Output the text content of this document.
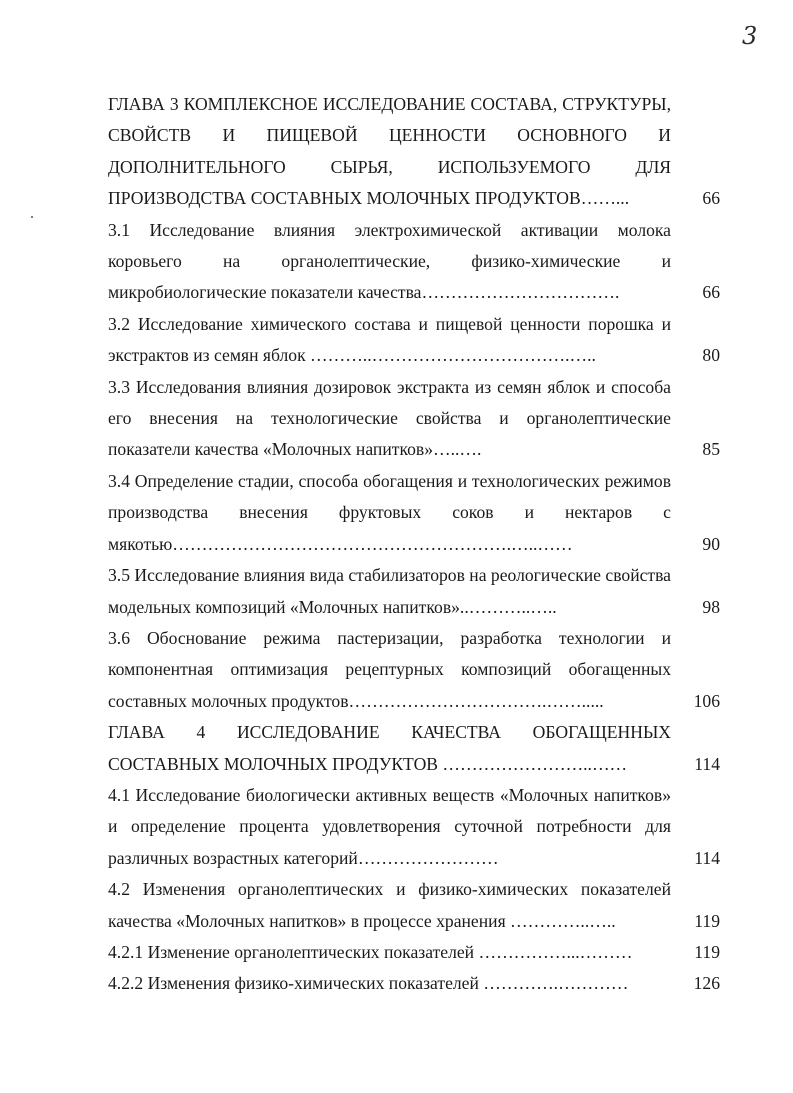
3
ГЛАВА 3 КОМПЛЕКСНОЕ ИССЛЕДОВАНИЕ СОСТАВА, СТРУКТУРЫ, СВОЙСТВ И ПИЩЕВОЙ ЦЕННОСТИ ОСНОВНОГО И ДОПОЛНИТЕЛЬНОГО СЫРЬЯ, ИСПОЛЬЗУЕМОГО ДЛЯ ПРОИЗВОДСТВА СОСТАВНЫХ МОЛОЧНЫХ ПРОДУКТОВ……...	66
3.1 Исследование влияния электрохимической активации молока коровьего на органолептические, физико-химические и микробиологические показатели качества…………………………….	66
3.2 Исследование химического состава и пищевой ценности порошка и экстрактов из семян яблок ………..…………………………….…..	80
3.3 Исследования влияния дозировок экстракта из семян яблок и способа его внесения на технологические свойства и органолептические показатели качества «Молочных напитков»…..….	85
3.4 Определение стадии, способа обогащения и технологических режимов производства внесения фруктовых соков и нектаров с мякотью………………………………………………….…..……	90
3.5 Исследование влияния вида стабилизаторов на реологические свойства модельных композиций «Молочных напитков»..………..…..	98
3.6 Обоснование режима пастеризации, разработка технологии и компонентная оптимизация рецептурных композиций обогащенных составных молочных продуктов…………………………….…….....	106
ГЛАВА 4 ИССЛЕДОВАНИЕ КАЧЕСТВА ОБОГАЩЕННЫХ СОСТАВНЫХ МОЛОЧНЫХ ПРОДУКТОВ ……………………..……	114
4.1 Исследование биологически активных веществ «Молочных напитков» и определение процента удовлетворения суточной потребности для различных возрастных категорий……………………	114
4.2 Изменения органолептических и физико-химических показателей качества «Молочных напитков» в процессе хранения …………..…..	119
4.2.1 Изменение органолептических показателей ……………...………	119
4.2.2 Изменения физико-химических показателей ………….…………	126
